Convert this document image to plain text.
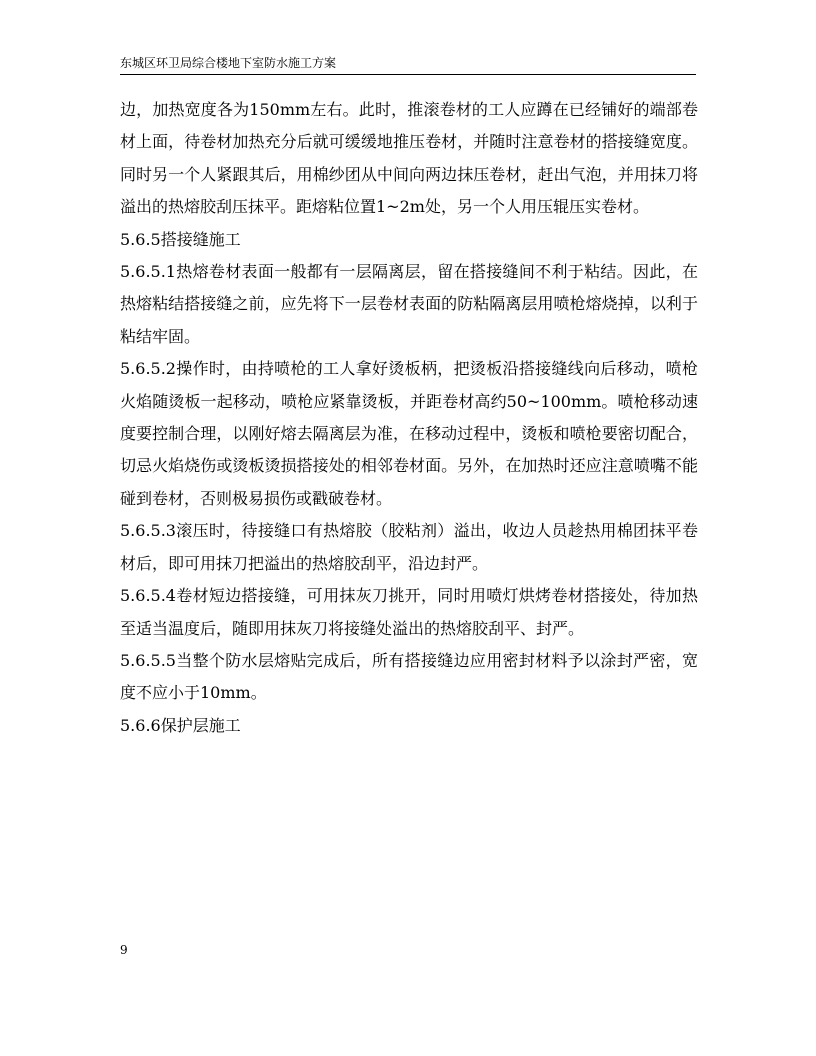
东城区环卫局综合楼地下室防水施工方案

边，加热宽度各为150mm左右。此时，推滚卷材的工人应蹲在已经铺好的端部卷材上面，待卷材加热充分后就可缓缓地推压卷材，并随时注意卷材的搭接缝宽度。同时另一个人紧跟其后，用棉纱团从中间向两边抹压卷材，赶出气泡，并用抹刀将溢出的热熔胶刮压抹平。距熔粘位置1~2m处，另一个人用压辊压实卷材。

5.6.5搭接缝施工

5.6.5.1热熔卷材表面一般都有一层隔离层，留在搭接缝间不利于粘结。因此，在热熔粘结搭接缝之前，应先将下一层卷材表面的防粘隔离层用喷枪熔烧掉，以利于粘结牢固。

5.6.5.2操作时，由持喷枪的工人拿好烫板柄，把烫板沿搭接缝线向后移动，喷枪火焰随烫板一起移动，喷枪应紧靠烫板，并距卷材高约50~100mm。喷枪移动速度要控制合理，以刚好熔去隔离层为准，在移动过程中，烫板和喷枪要密切配合，切忌火焰烧伤或烫板烫损搭接处的相邻卷材面。另外，在加热时还应注意喷嘴不能碰到卷材，否则极易损伤或戳破卷材。

5.6.5.3滚压时，待接缝口有热熔胶（胶粘剂）溢出，收边人员趁热用棉团抹平卷材后，即可用抹刀把溢出的热熔胶刮平，沿边封严。

5.6.5.4卷材短边搭接缝，可用抹灰刀挑开，同时用喷灯烘烤卷材搭接处，待加热至适当温度后，随即用抹灰刀将接缝处溢出的热熔胶刮平、封严。

5.6.5.5当整个防水层熔贴完成后，所有搭接缝边应用密封材料予以涂封严密，宽度不应小于10mm。

5.6.6保护层施工

9
